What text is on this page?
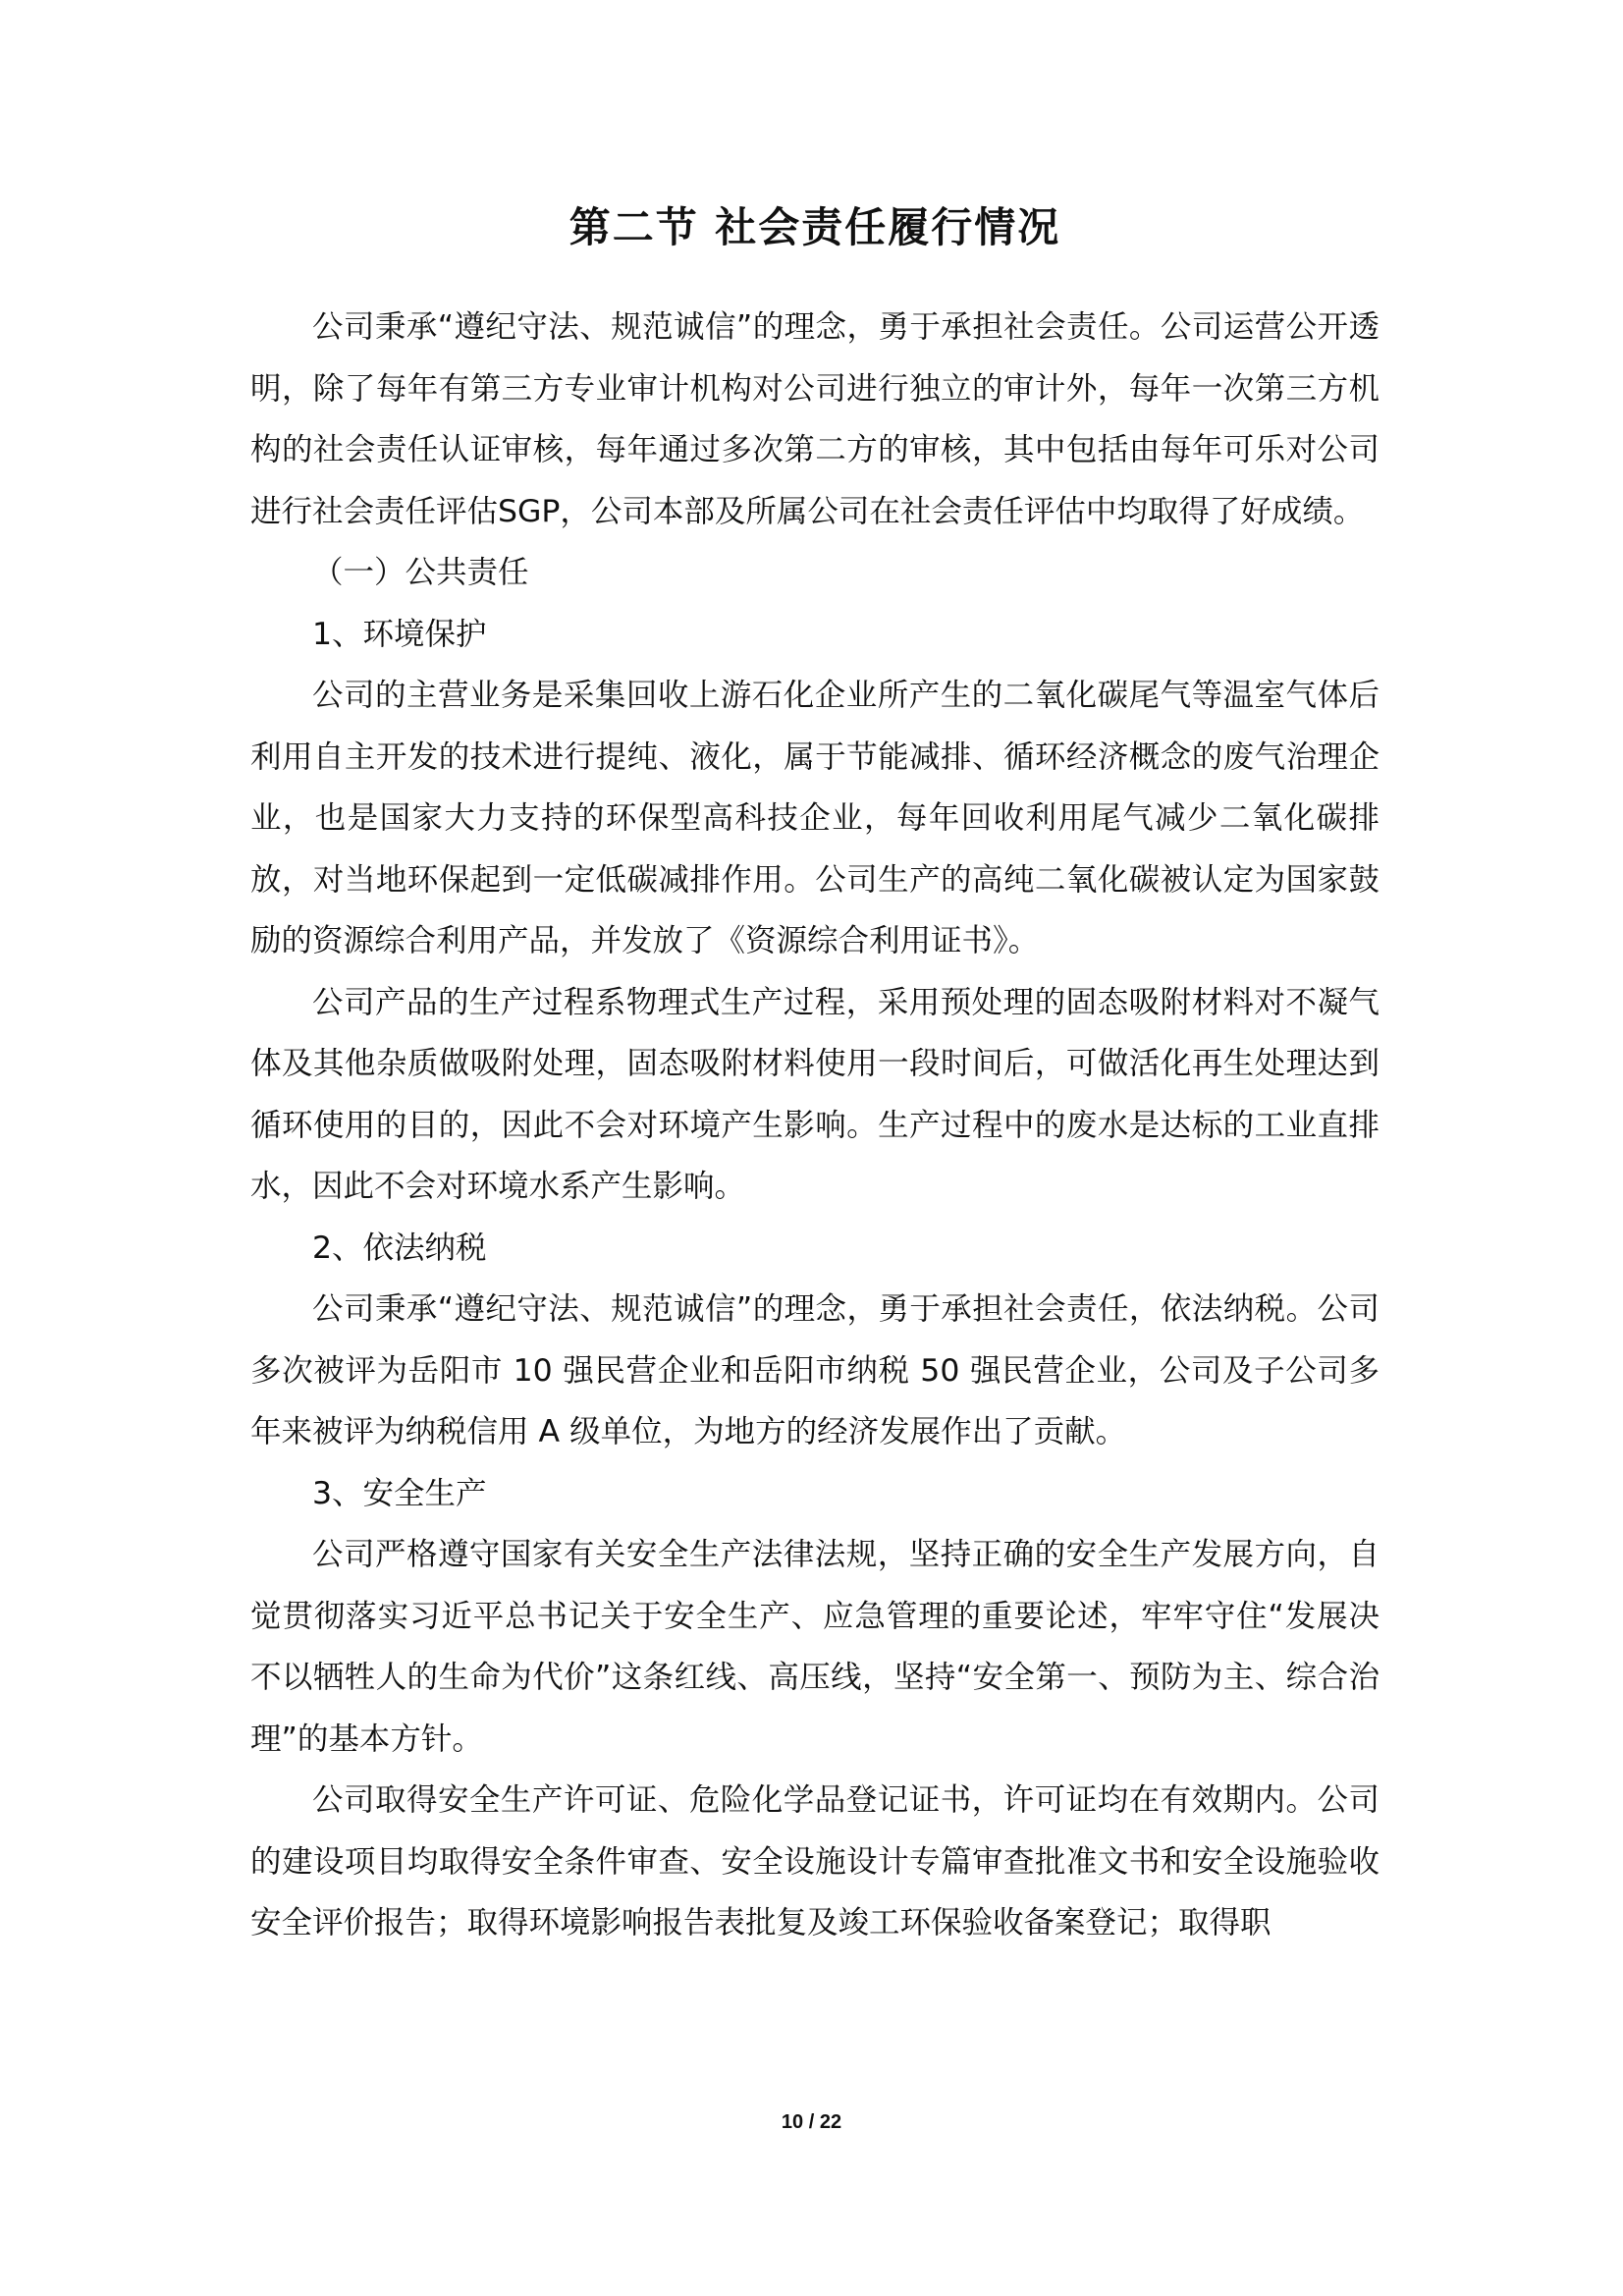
第二节 社会责任履行情况

公司秉承“遵纪守法、规范诚信”的理念，勇于承担社会责任。公司运营公开透明，除了每年有第三方专业审计机构对公司进行独立的审计外，每年一次第三方机构的社会责任认证审核，每年通过多次第二方的审核，其中包括由每年可乐对公司进行社会责任评估SGP，公司本部及所属公司在社会责任评估中均取得了好成绩。

（一）公共责任

1、环境保护

公司的主营业务是采集回收上游石化企业所产生的二氧化碳尾气等温室气体后利用自主开发的技术进行提纯、液化，属于节能减排、循环经济概念的废气治理企业，也是国家大力支持的环保型高科技企业，每年回收利用尾气减少二氧化碳排放，对当地环保起到一定低碳减排作用。公司生产的高纯二氧化碳被认定为国家鼓励的资源综合利用产品，并发放了《资源综合利用证书》。

公司产品的生产过程系物理式生产过程，采用预处理的固态吸附材料对不凝气体及其他杂质做吸附处理，固态吸附材料使用一段时间后，可做活化再生处理达到循环使用的目的，因此不会对环境产生影响。生产过程中的废水是达标的工业直排水，因此不会对环境水系产生影响。

2、依法纳税

公司秉承“遵纪守法、规范诚信”的理念，勇于承担社会责任，依法纳税。公司多次被评为岳阳市 10 强民营企业和岳阳市纳税 50 强民营企业，公司及子公司多年来被评为纳税信用 A 级单位，为地方的经济发展作出了贡献。

3、安全生产

公司严格遵守国家有关安全生产法律法规，坚持正确的安全生产发展方向，自觉贯彻落实习近平总书记关于安全生产、应急管理的重要论述，牢牢守住“发展决不以牺牲人的生命为代价”这条红线、高压线，坚持“安全第一、预防为主、综合治理”的基本方针。

公司取得安全生产许可证、危险化学品登记证书，许可证均在有效期内。公司的建设项目均取得安全条件审查、安全设施设计专篇审查批准文书和安全设施验收安全评价报告；取得环境影响报告表批复及竣工环保验收备案登记；取得职

10 / 22
